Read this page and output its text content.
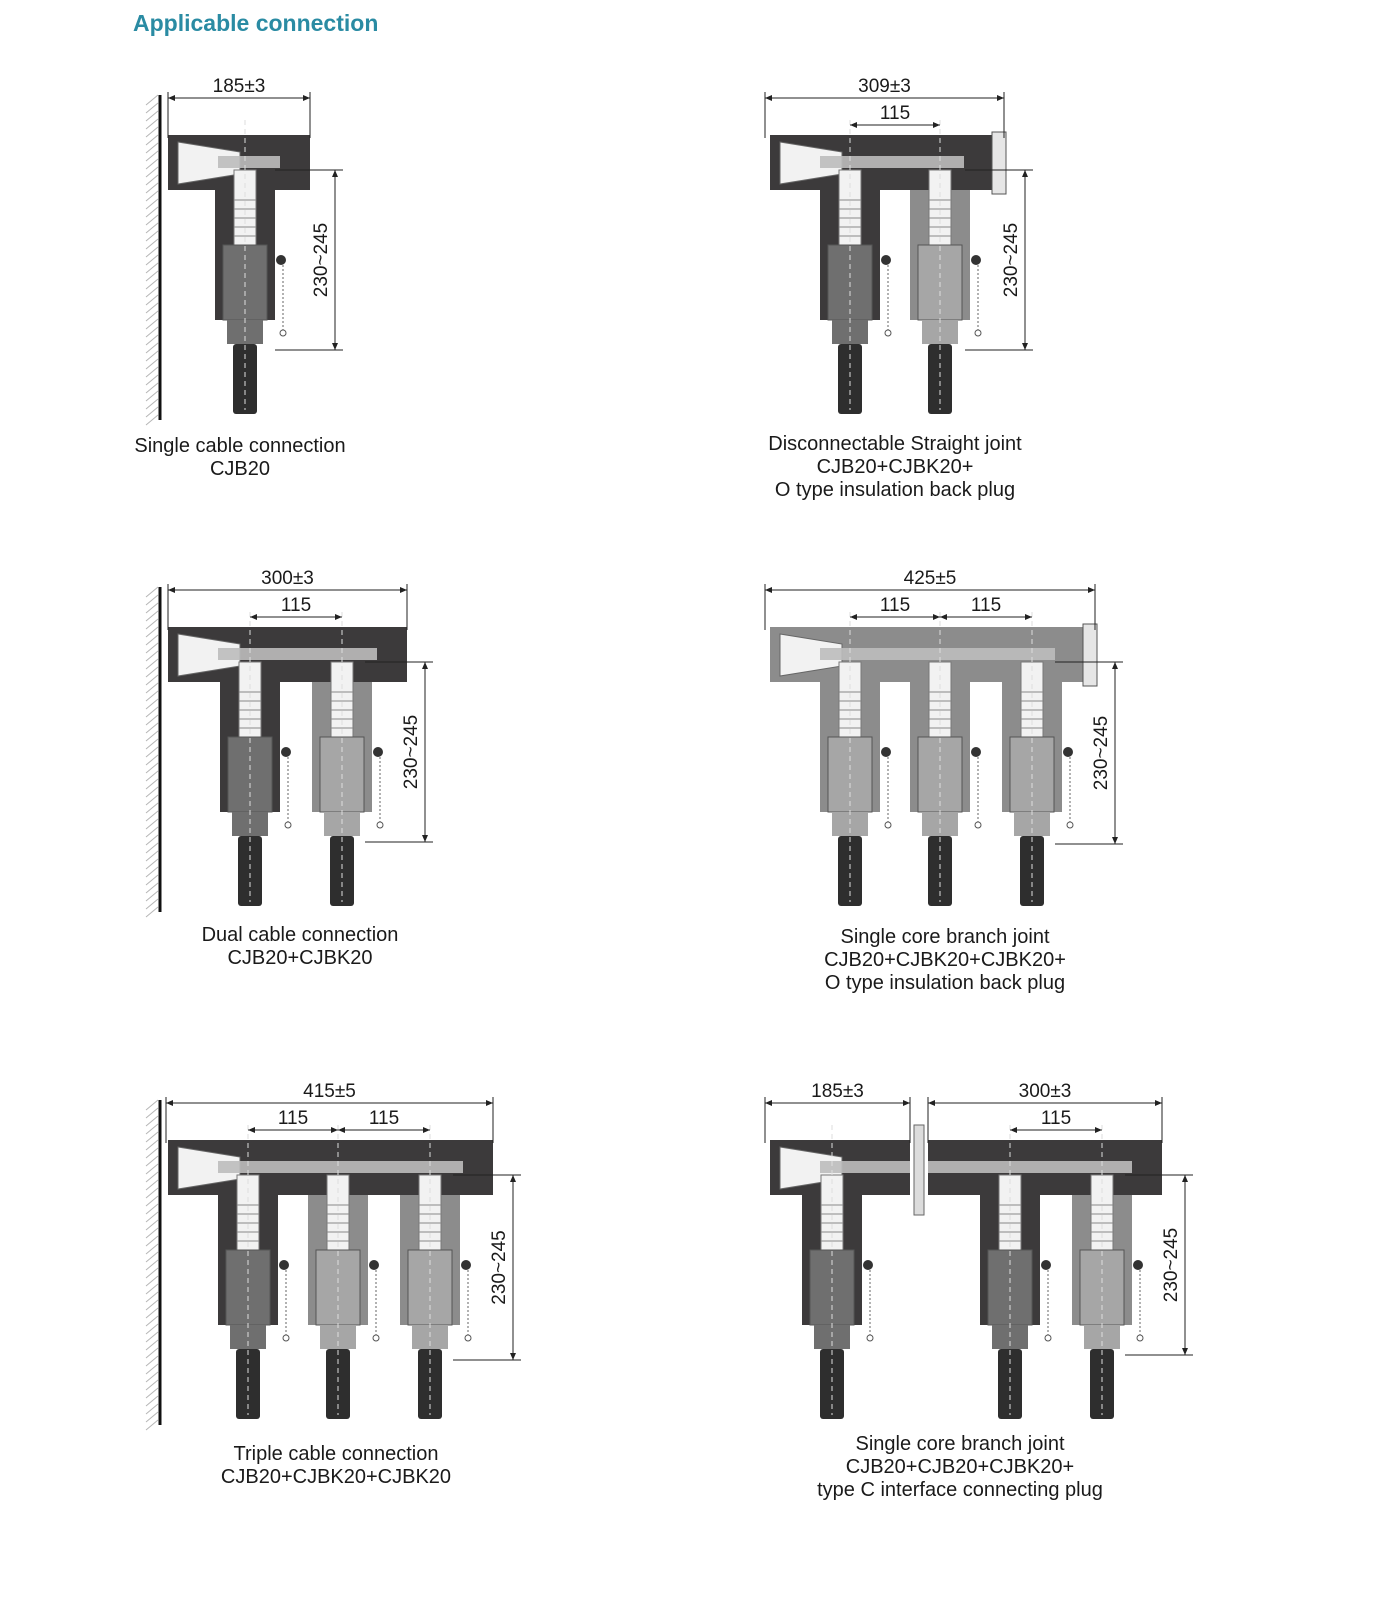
Applicable connection
185±3
230~245
Single cable connection
CJB20
309±3
115
230~245
Disconnectable Straight joint
CJB20+CJBK20+
O type insulation back plug
300±3
115
230~245
Dual cable connection
CJB20+CJBK20
425±5
115	115
230~245
Single core branch joint
CJB20+CJBK20+CJBK20+
O type insulation back plug
415±5
115	115
230~245
Triple cable connection
CJB20+CJBK20+CJBK20
185±3	300±3
115
230~245
Single core branch joint
CJB20+CJB20+CJBK20+
type C interface connecting plug
